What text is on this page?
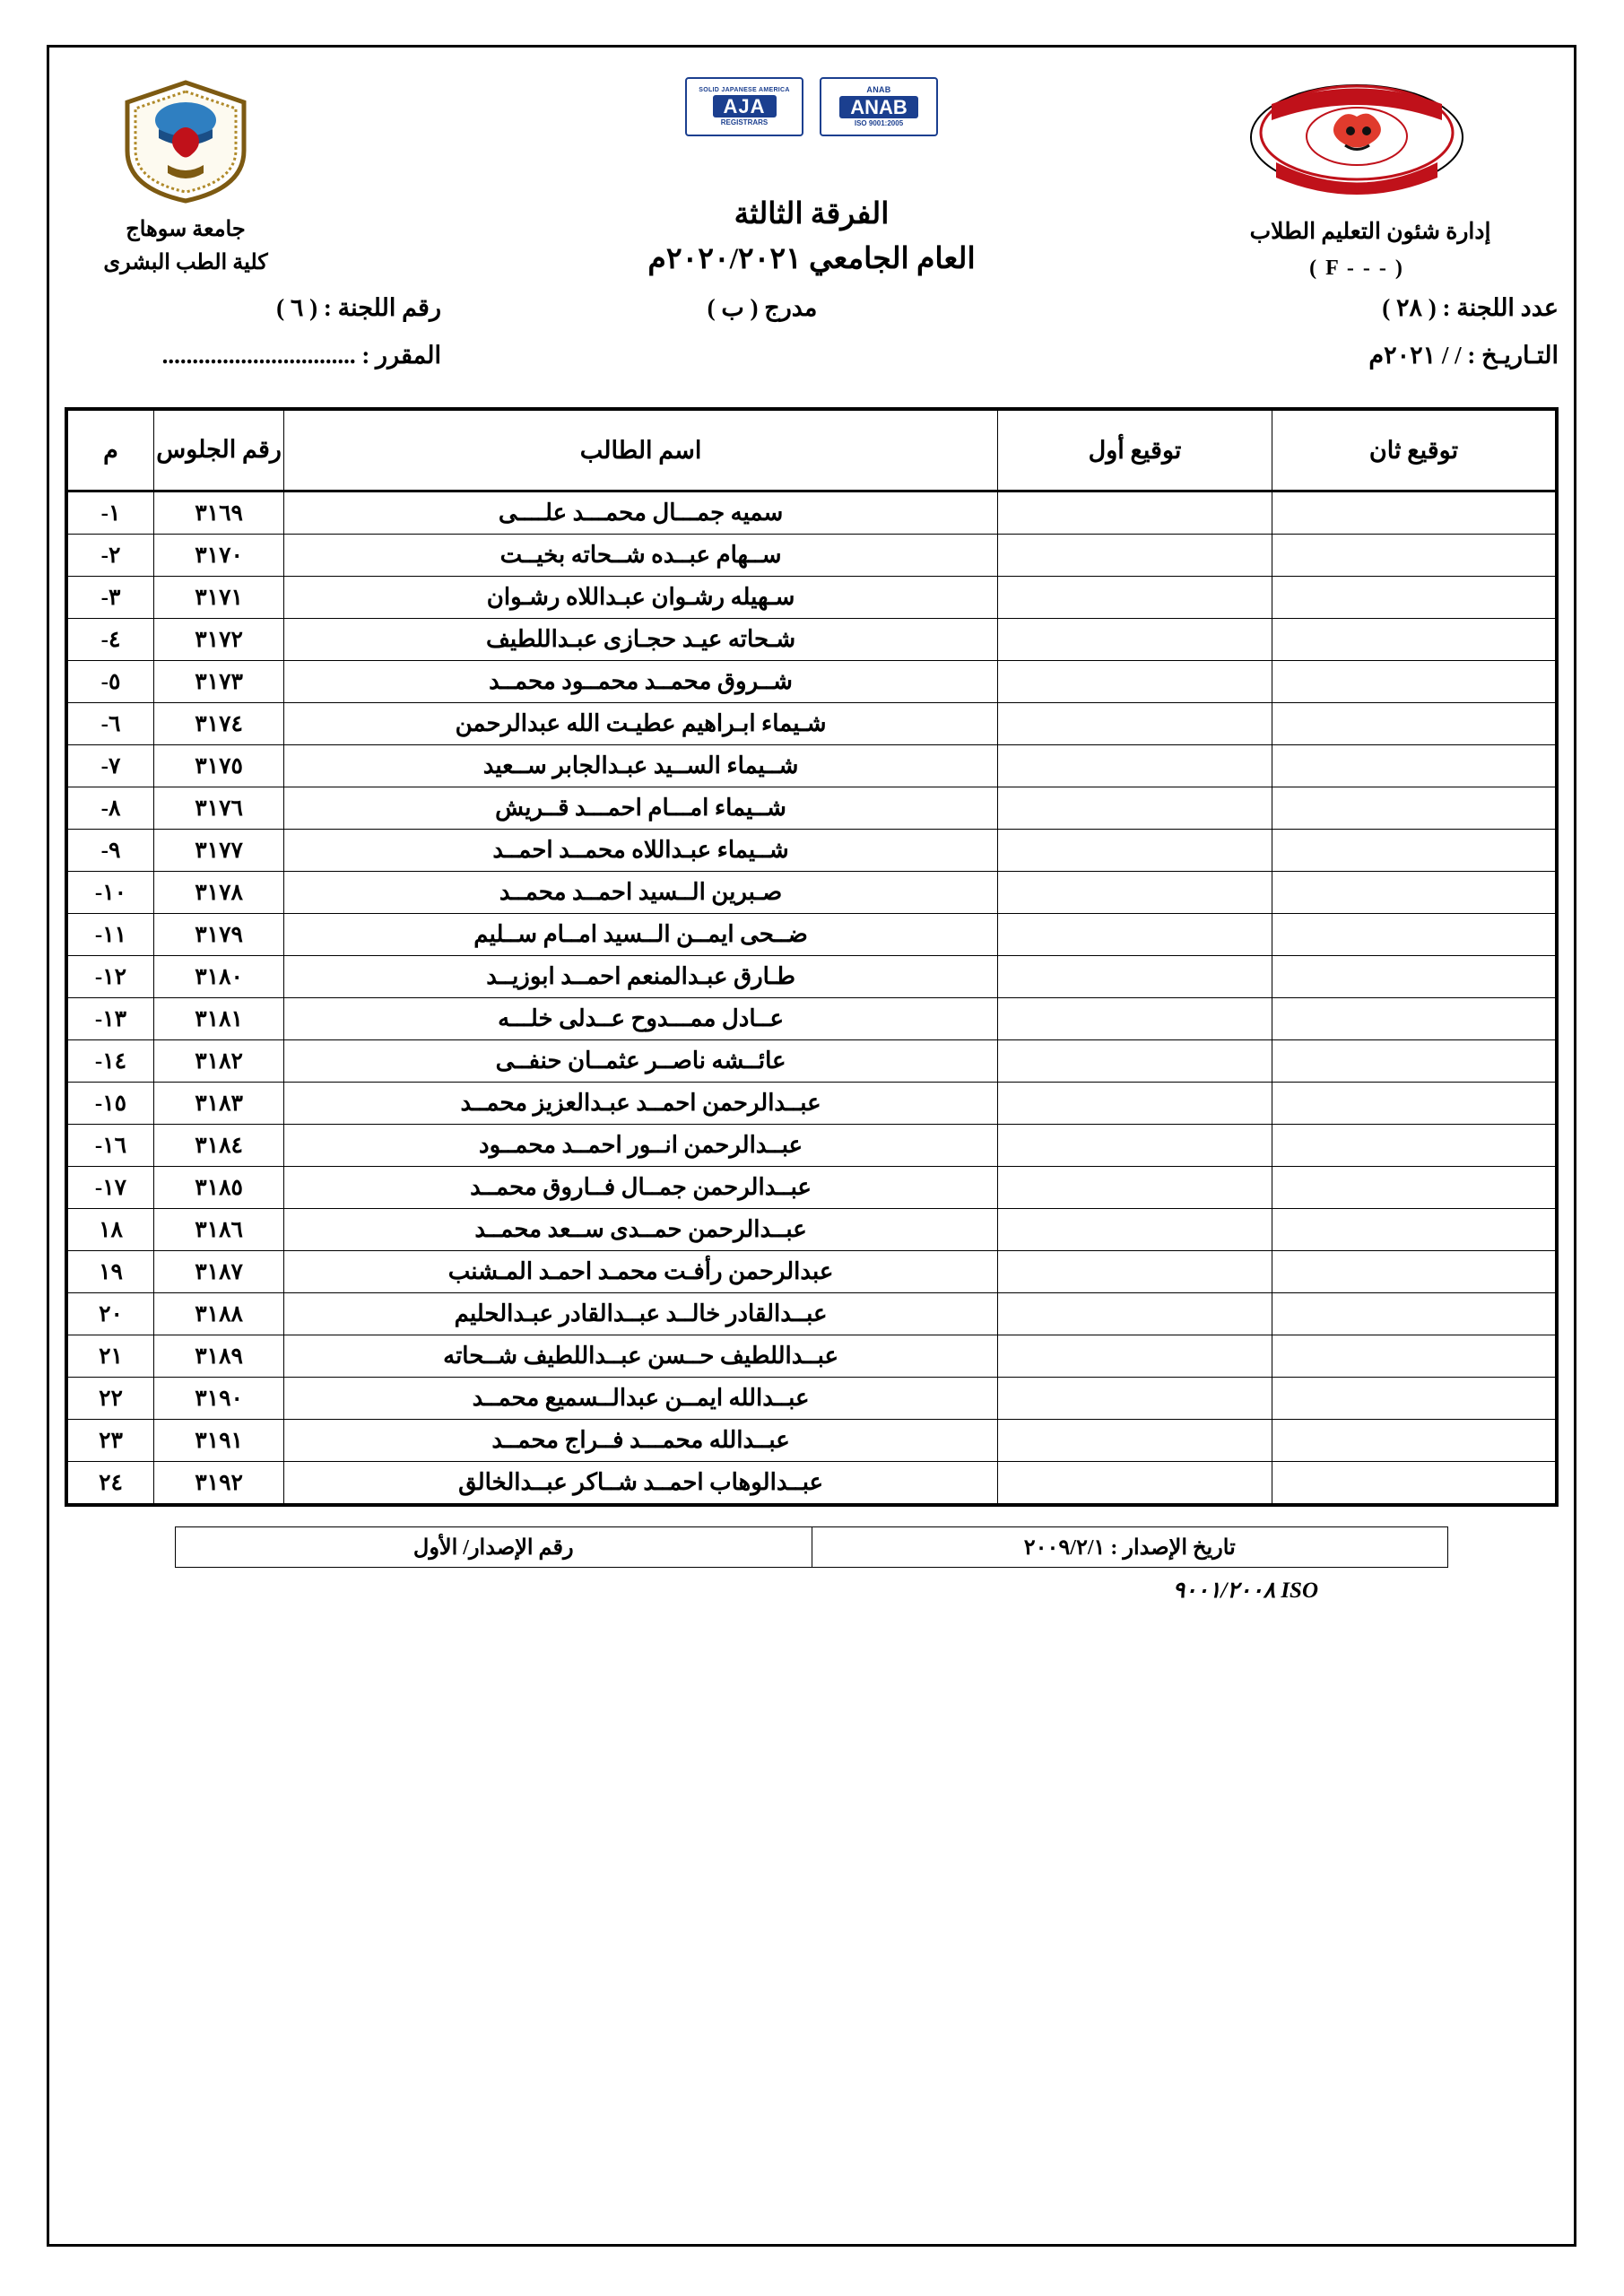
كلية الطب
ANAB
ANAB
ISO 9001:2005
SOLID JAPANESE AMERICA
AJA
REGISTRARS
الفرقة الثالثة
العام الجامعي ٢٠٢٠/٢٠٢١م
جامعة سوهاج
كلية الطب البشرى
إدارة شئون التعليم الطلاب
( F - - - )
عدد اللجنة : ( ٢٨ )
مدرج ( ب )
رقم اللجنة : ( ٦ )
التـاريـخ : / / ٢٠٢١م
المقرر : ................................
توقيع ثان	توقيع أول	اسم الطالب	رقم الجلوس	م
		سميه جمـــال محمـــد علــــى	٣١٦٩	١-
		ســهام عبــده شــحاته بخيــت	٣١٧٠	٢-
		سـهيله رشـوان عبـداللاه رشـوان	٣١٧١	٣-
		شـحاته عيـد حجـازى عبـداللطيف	٣١٧٢	٤-
		شــروق محمــد محمــود محمــد	٣١٧٣	٥-
		شـيماء ابـراهيم عطيـت الله عبدالرحمن	٣١٧٤	٦-
		شــيماء الســيد عبـدالجابر ســعيد	٣١٧٥	٧-
		شــيماء امـــام احمـــد قــريش	٣١٧٦	٨-
		شــيماء عبـداللاه محمــد احمــد	٣١٧٧	٩-
		صـبرين الــسيد احمــد محمــد	٣١٧٨	١٠-
		ضــحى ايمــن الــسيد امــام ســليم	٣١٧٩	١١-
		طـارق عبـدالمنعم احمــد ابوزيــد	٣١٨٠	١٢-
		عــادل ممـــدوح عــدلى خلـــه	٣١٨١	١٣-
		عائــشه ناصــر عثمــان حنفــى	٣١٨٢	١٤-
		عبــدالرحمن احمــد عبـدالعزيز محمــد	٣١٨٣	١٥-
		عبــدالرحمن انــور احمــد محمــود	٣١٨٤	١٦-
		عبــدالرحمن جمــال فــاروق محمــد	٣١٨٥	١٧-
		عبــدالرحمن حمــدى ســعد محمــد	٣١٨٦	١٨
		عبدالرحمن رأفـت محمـد احمـد المـشنب	٣١٨٧	١٩
		عبــدالقادر خالــد عبــدالقادر عبـدالحليم	٣١٨٨	٢٠
		عبــداللطيف حــسن عبــداللطيف شــحاته	٣١٨٩	٢١
		عبــدالله ايمــن عبدالــسميع محمــد	٣١٩٠	٢٢
		عبــدالله محمـــد فــراج محمــد	٣١٩١	٢٣
		عبــدالوهاب احمــد شــاكر عبــدالخالق	٣١٩٢	٢٤
تاريخ الإصدار : ٢٠٠٩/٢/١	رقم الإصدار/ الأول
ISO ٩٠٠١/٢٠٠٨
